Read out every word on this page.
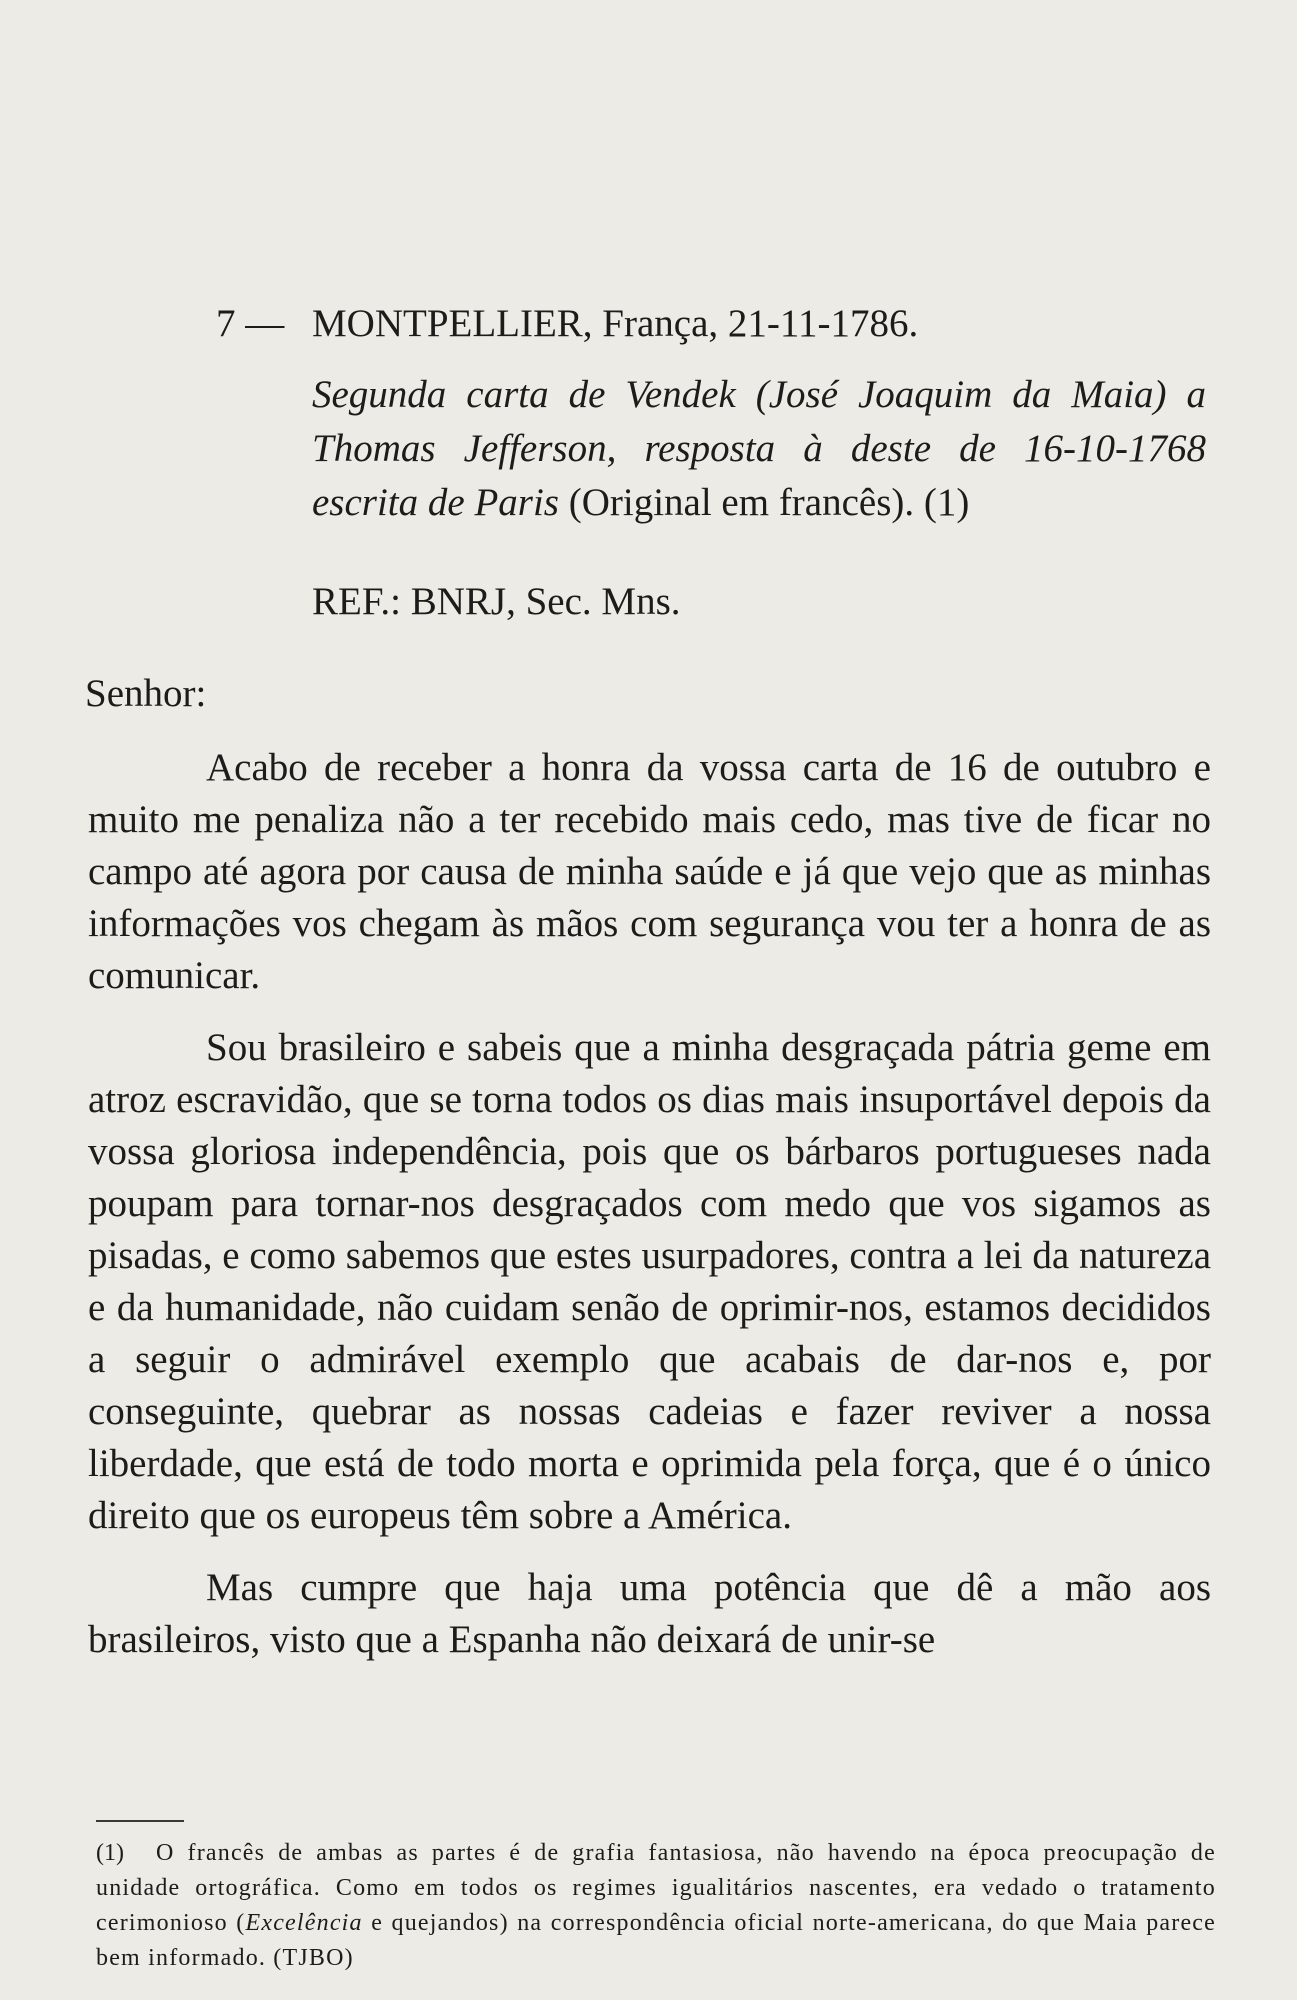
7 — MONTPELLIER, França, 21-11-1786.
Segunda carta de Vendek (José Joaquim da Maia) a Thomas Jefferson, resposta à deste de 16-10-1768 escrita de Paris (Original em francês). (1)
REF.: BNRJ, Sec. Mns.
Senhor:

Acabo de receber a honra da vossa carta de 16 de outubro e muito me penaliza não a ter recebido mais cedo, mas tive de ficar no campo até agora por causa de minha saúde e já que vejo que as minhas informações vos chegam às mãos com segurança vou ter a honra de as comunicar.

Sou brasileiro e sabeis que a minha desgraçada pátria geme em atroz escravidão, que se torna todos os dias mais insuportável depois da vossa gloriosa independência, pois que os bárbaros portugueses nada poupam para tornar-nos desgraçados com medo que vos sigamos as pisadas, e como sabemos que estes usurpadores, contra a lei da natureza e da humanidade, não cuidam senão de oprimir-nos, estamos decididos a seguir o admirável exemplo que acabais de dar-nos e, por conseguinte, quebrar as nossas cadeias e fazer reviver a nossa liberdade, que está de todo morta e oprimida pela força, que é o único direito que os europeus têm sobre a América.

Mas cumpre que haja uma potência que dê a mão aos brasileiros, visto que a Espanha não deixará de unir-se

(1) O francês de ambas as partes é de grafia fantasiosa, não havendo na época preocupação de unidade ortográfica. Como em todos os regimes igualitários nascentes, era vedado o tratamento cerimonioso (Excelência e quejandos) na correspondência oficial norte-americana, do que Maia parece bem informado. (TJBO)
